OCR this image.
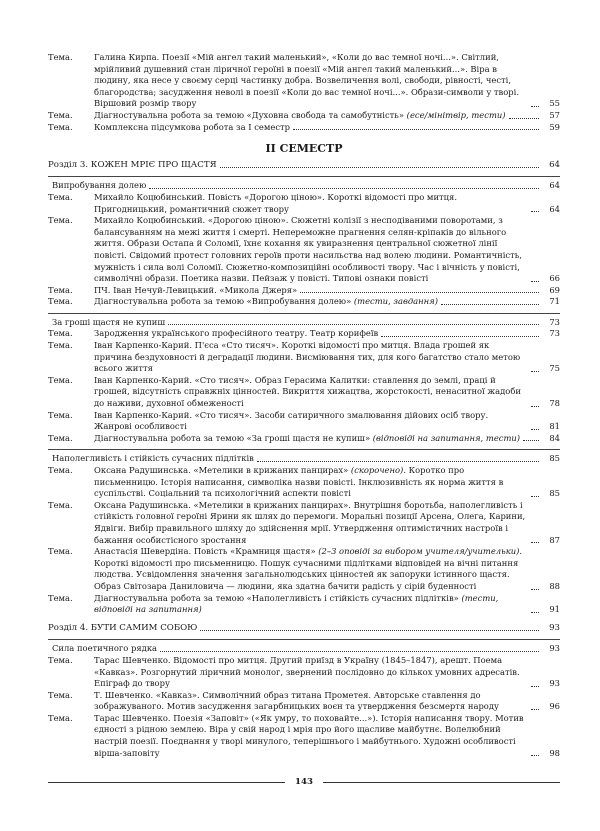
Тема.	Галина Кирпа. Поезії «Мій ангел такий маленький», «Коли до вас темної ночі...». Світлий, мрійливий душевний стан ліричної героїні в поезії «Мій ангел такий маленький...». Віра в людину, яка несе у своєму серці частинку добра. Возвеличення волі, свободи, рівності, честі, благородства; засудження неволі в поезії «Коли до вас темної ночі...». Образи-символи у творі. Віршовий розмір твору	55
Тема.	Діагностувальна робота за темою «Духовна свобода та самобутність» (есе/мінітвір, тести)	57
Тема.	Комплексна підсумкова робота за І семестр	59
ІІ СЕМЕСТР
Розділ 3. КОЖЕН МРІЄ ПРО ЩАСТЯ	64
Випробування долею	64
Тема.	Михайло Коцюбинський. Повість «Дорогою ціною». Короткі відомості про митця. Пригодницький, романтичний сюжет твору	64
Тема.	Михайло Коцюбинський. «Дорогою ціною». Сюжетні колізії з несподіваними поворотами, з балансуванням на межі життя і смерті. Непереможне прагнення селян-кріпаків до вільного життя. Образи Остапа й Соломії, їхнє кохання як увиразнення центральної сюжетної лінії повісті. Свідомий протест головних героїв проти насильства над волею людини. Романтичність, мужність і сила волі Соломії. Сюжетно-композиційні особливості твору. Час і вічність у повісті, символічні образи. Поетика назви. Пейзаж у повісті. Типові ознаки повісті	66
Тема.	ПЧ. Іван Нечуй-Левицький. «Микола Джеря»	69
Тема.	Діагностувальна робота за темою «Випробування долею» (тести, завдання)	71
За гроші щастя не купиш	73
Тема.	Зародження українського професійного театру. Театр корифеїв	73
Тема.	Іван Карпенко-Карий. П'єса «Сто тисяч». Короткі відомості про митця. Влада грошей як причина бездуховності й деградації людини. Висміювання тих, для кого багатство стало метою всього життя	75
Тема.	Іван Карпенко-Карий. «Сто тисяч». Образ Герасима Калитки: ставлення до землі, праці й грошей, відсутність справжніх цінностей. Викриття хижацтва, жорстокості, ненаситної жадоби до наживи, духовної обмеженості	78
Тема.	Іван Карпенко-Карий. «Сто тисяч». Засоби сатиричного змалювання дійових осіб твору. Жанрові особливості	81
Тема.	Діагностувальна робота за темою «За гроші щастя не купиш» (відповіді на запитання, тести)	84
Наполегливість і стійкість сучасних підлітків	85
Тема.	Оксана Радушинська. «Метелики в крижаних панцирах» (скорочено). Коротко про письменницю. Історія написання, символіка назви повісті. Інклюзивність як норма життя в суспільстві. Соціальний та психологічний аспекти повісті	85
Тема.	Оксана Радушинська. «Метелики в крижаних панцирах». Внутрішня боротьба, наполегливість і стійкість головної героїні Ярини як шлях до перемоги. Моральні позиції Арсена, Олега, Карини, Ядвіги. Вибір правильного шляху до здійснення мрії. Утвердження оптимістичних настроїв і бажання особистісного зростання	87
Тема.	Анастасія Шевердіна. Повість «Крамниця щастя» (2–3 оповіді за вибором учителя/учительки). Короткі відомості про письменницю. Пошук сучасними підлітками відповідей на вічні питання людства. Усвідомлення значення загальнолюдських цінностей як запоруки істинного щастя. Образ Світозара Даниловича — людини, яка здатна бачити радість у сірій буденності	88
Тема.	Діагностувальна робота за темою «Наполегливість і стійкість сучасних підлітків» (тести, відповіді на запитання)	91
Розділ 4. БУТИ САМИМ СОБОЮ	93
Сила поетичного рядка	93
Тема.	Тарас Шевченко. Відомості про митця. Другий приїзд в Україну (1845–1847), арешт. Поема «Кавказ». Розгорнутий ліричний монолог, звернений послідовно до кількох умовних адресатів. Епіграф до твору	93
Тема.	Т. Шевченко. «Кавказ». Символічний образ титана Прометея. Авторське ставлення до зображуваного. Мотив засудження загарбницьких воєн та утвердження безсмертя народу	96
Тема.	Тарас Шевченко. Поезія «Заповіт» («Як умру, то поховайте...»). Історія написання твору. Мотив єдності з рідною землею. Віра у свій народ і мрія про його щасливе майбутнє. Волелюбний настрій поезії. Поєднання у творі минулого, теперішнього і майбутнього. Художні особливості вірша-заповіту	98
143
